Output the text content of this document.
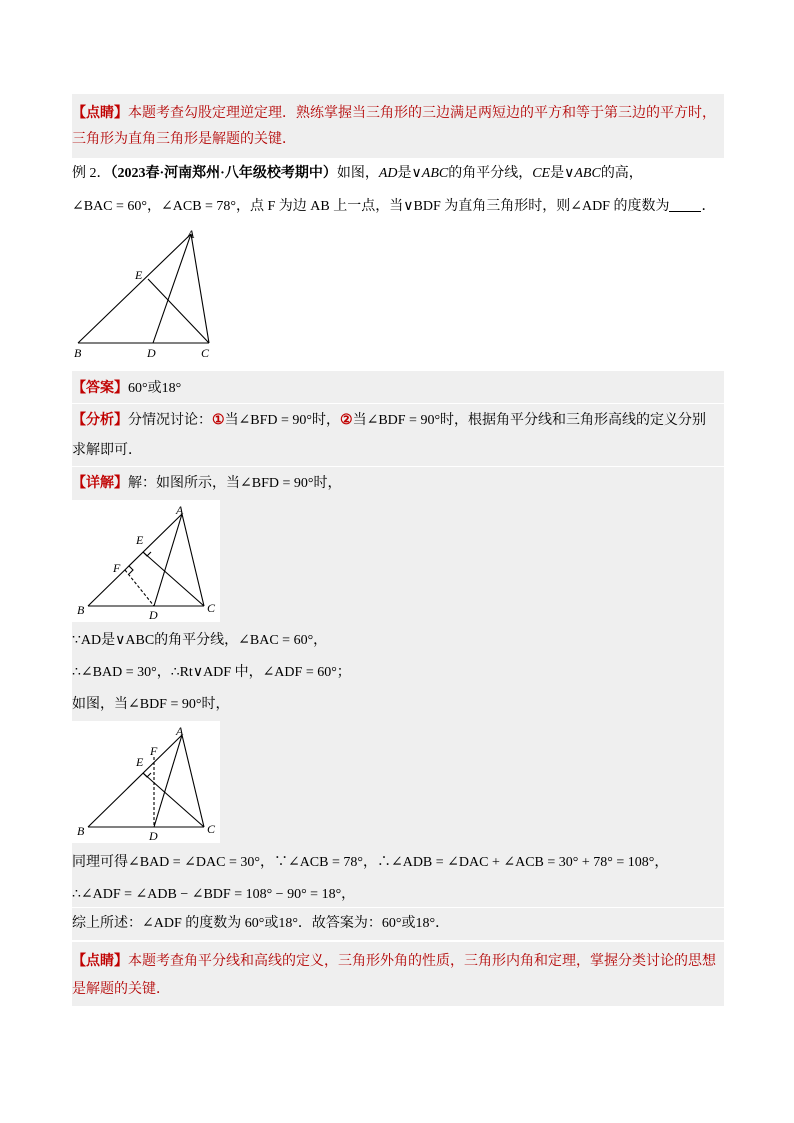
【点睛】本题考查勾股定理逆定理．熟练掌握当三角形的三边满足两短边的平方和等于第三边的平方时，
三角形为直角三角形是解题的关键．
例 2．（2023春·河南郑州·八年级校考期中）如图，AD是∨ABC的角平分线，CE是∨ABC的高，
∠BAC = 60°，∠ACB = 78°，点 F 为边 AB 上一点，当∨BDF 为直角三角形时，则∠ADF 的度数为 ．
A
B	D	C
E
【答案】60°或18°
【分析】分情况讨论：①当∠BFD = 90°时，②当∠BDF = 90°时，根据角平分线和三角形高线的定义分别
求解即可．
【详解】解：如图所示，当∠BFD = 90°时，
A
B	D	C
E
F
∵AD是∨ABC的角平分线，∠BAC = 60°，
∴∠BAD = 30°，∴Rt∨ADF 中，∠ADF = 60°；
如图，当∠BDF = 90°时，
A
B	D	C
E
F
同理可得∠BAD = ∠DAC = 30°，∵∠ACB = 78°，∴∠ADB = ∠DAC + ∠ACB = 30° + 78° = 108°，
∴∠ADF = ∠ADB − ∠BDF = 108° − 90° = 18°，
综上所述：∠ADF 的度数为 60°或18°．故答案为：60°或18°．
【点睛】本题考查角平分线和高线的定义，三角形外角的性质，三角形内角和定理，掌握分类讨论的思想
是解题的关键．
